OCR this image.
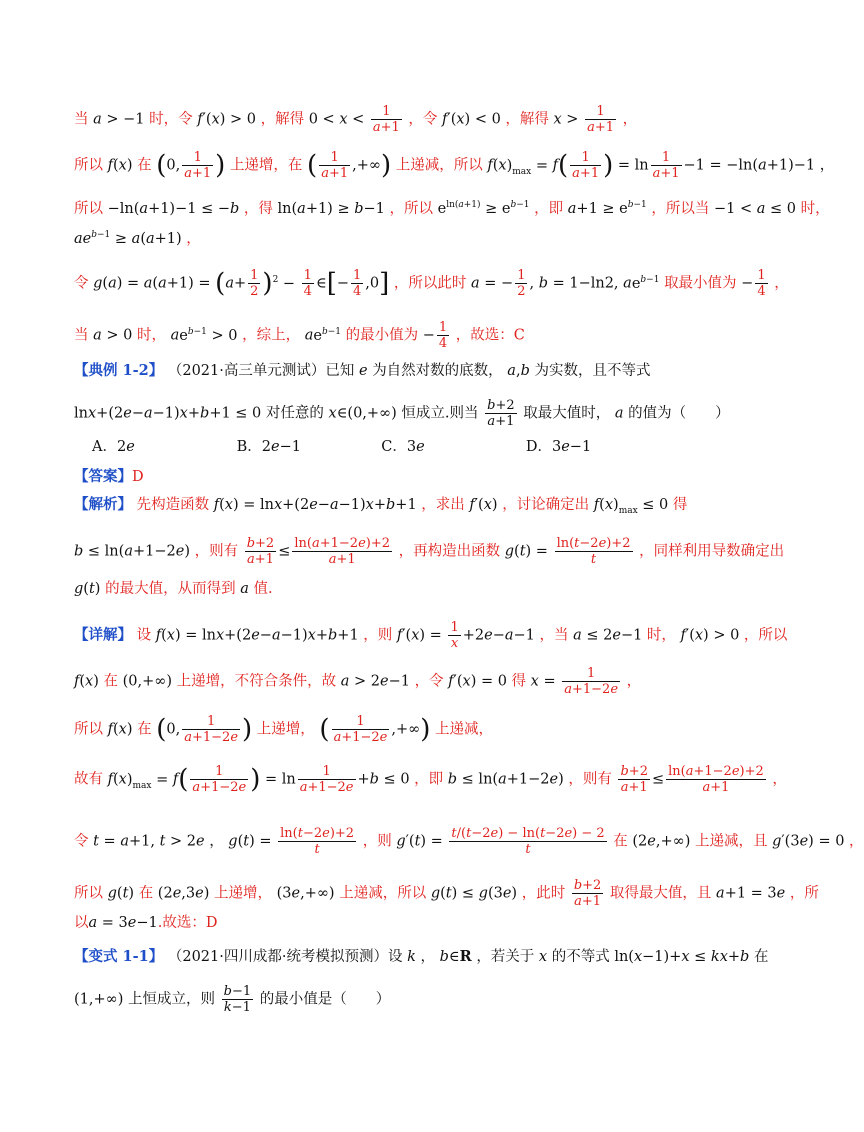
当 a > −1 时，令 f′(x) > 0 ，解得 $0 < x < \frac{1}{a+1}$ ，令 f′(x) < 0 ，解得 $x > \frac{1}{a+1}$ ，
所以 f(x) 在 (0, $\frac{1}{a+1}$ ) 上递增，在 ( $\frac{1}{a+1}$ ,+∞) 上递减，所以 $f(x)_{max} = f( \frac{1}{a+1}$ ) = $\ln \frac{1}{a+1} -1 = -\ln(a+1)-1$ ，
所以 −ln(a+1)−1 ≤ −b ，得 ln(a+1) ≥ b−1 ，所以 $e^{ln(a+1)} \ge e^{b-1}$ ，即 $a+1 \ge e^{b-1}$ ，所以当 −1 < a ≤ 0 时，
$ae^{b-1} \ge a(a+1)$ ，
令 $g(a) = a(a+1) = (a+ \frac{1}{2} )^2 - \frac{1}{4}$ ∈[− $\frac{1}{4} ,0$] ，所以此时 a = − $\frac{1}{2}$ , b = 1−ln2, $ae^{b-1}$ 取最小值为 − $\frac{1}{4}$ ，
当 a > 0 时， $ae^{b-1} > 0$ ，综上， $ae^{b-1}$ 的最小值为 − $\frac{1}{4}$ ，故选：C
【典例 1-2】 （2021·高三单元测试）已知 e 为自然对数的底数， a,b 为实数，且不等式
lnx+(2e−a−1)x+b+1 ≤ 0 对任意的 x∈(0,+∞) 恒成立.则当 $\frac{b+2}{a+1}$ 取最大值时， a 的值为（　　）
A．2e	B．2e−1	C．3e	D．3e−1
【答案】D
【解析】 先构造函数 f(x) = lnx+(2e−a−1)x+b+1 ，求出 f′(x) ，讨论确定出 $f(x)_{max} \le 0$ 得
b ≤ ln(a+1−2e) ，则有 $\frac{b+2}{a+1} \le \frac{\ln(a+1-2e)+2}{a+1}$ ，再构造出函数 $g(t) = \frac{\ln(t-2e)+2}{t}$ ，同样利用导数确定出
g(t) 的最大值，从而得到 a 值.
【详解】 设 f(x) = lnx+(2e−a−1)x+b+1 ，则 $f'(x) = \frac{1}{x} +2e-a-1$ ，当 a ≤ 2e−1 时， f′(x) > 0 ，所以
f(x) 在 (0,+∞) 上递增，不符合条件，故 a > 2e−1 ，令 f′(x) = 0 得 $x = \frac{1}{a+1-2e}$ ，
所以 f(x) 在 (0, $\frac{1}{a+1-2e}$ ) 上递增， ( $\frac{1}{a+1-2e}$ ,+∞) 上递减，
故有 $f(x)_{max} = f( \frac{1}{a+1-2e}$ ) = $\ln \frac{1}{a+1-2e} +b \le 0$ ，即 b ≤ ln(a+1−2e) ，则有 $\frac{b+2}{a+1} \le \frac{\ln(a+1-2e)+2}{a+1}$ ，
令 t = a+1, t > 2e ， $g(t) = \frac{\ln(t-2e)+2}{t}$ ，则 $g'(t) = \frac{t/(t-2e) - \ln(t-2e) - 2}{t}$ 在 (2e,+∞) 上递减，且 g′(3e) = 0 ，
所以 g(t) 在 (2e,3e) 上递增， (3e,+∞) 上递减，所以 g(t) ≤ g(3e) ，此时 $\frac{b+2}{a+1}$ 取得最大值，且 a+1 = 3e ，所
以a = 3e−1.故选：D
【变式 1-1】 （2021·四川成都·统考模拟预测）设 k ， b∈R ，若关于 x 的不等式 ln(x−1)+x ≤ kx+b 在
(1,+∞) 上恒成立，则 $\frac{b-1}{k-1}$ 的最小值是（　　）
